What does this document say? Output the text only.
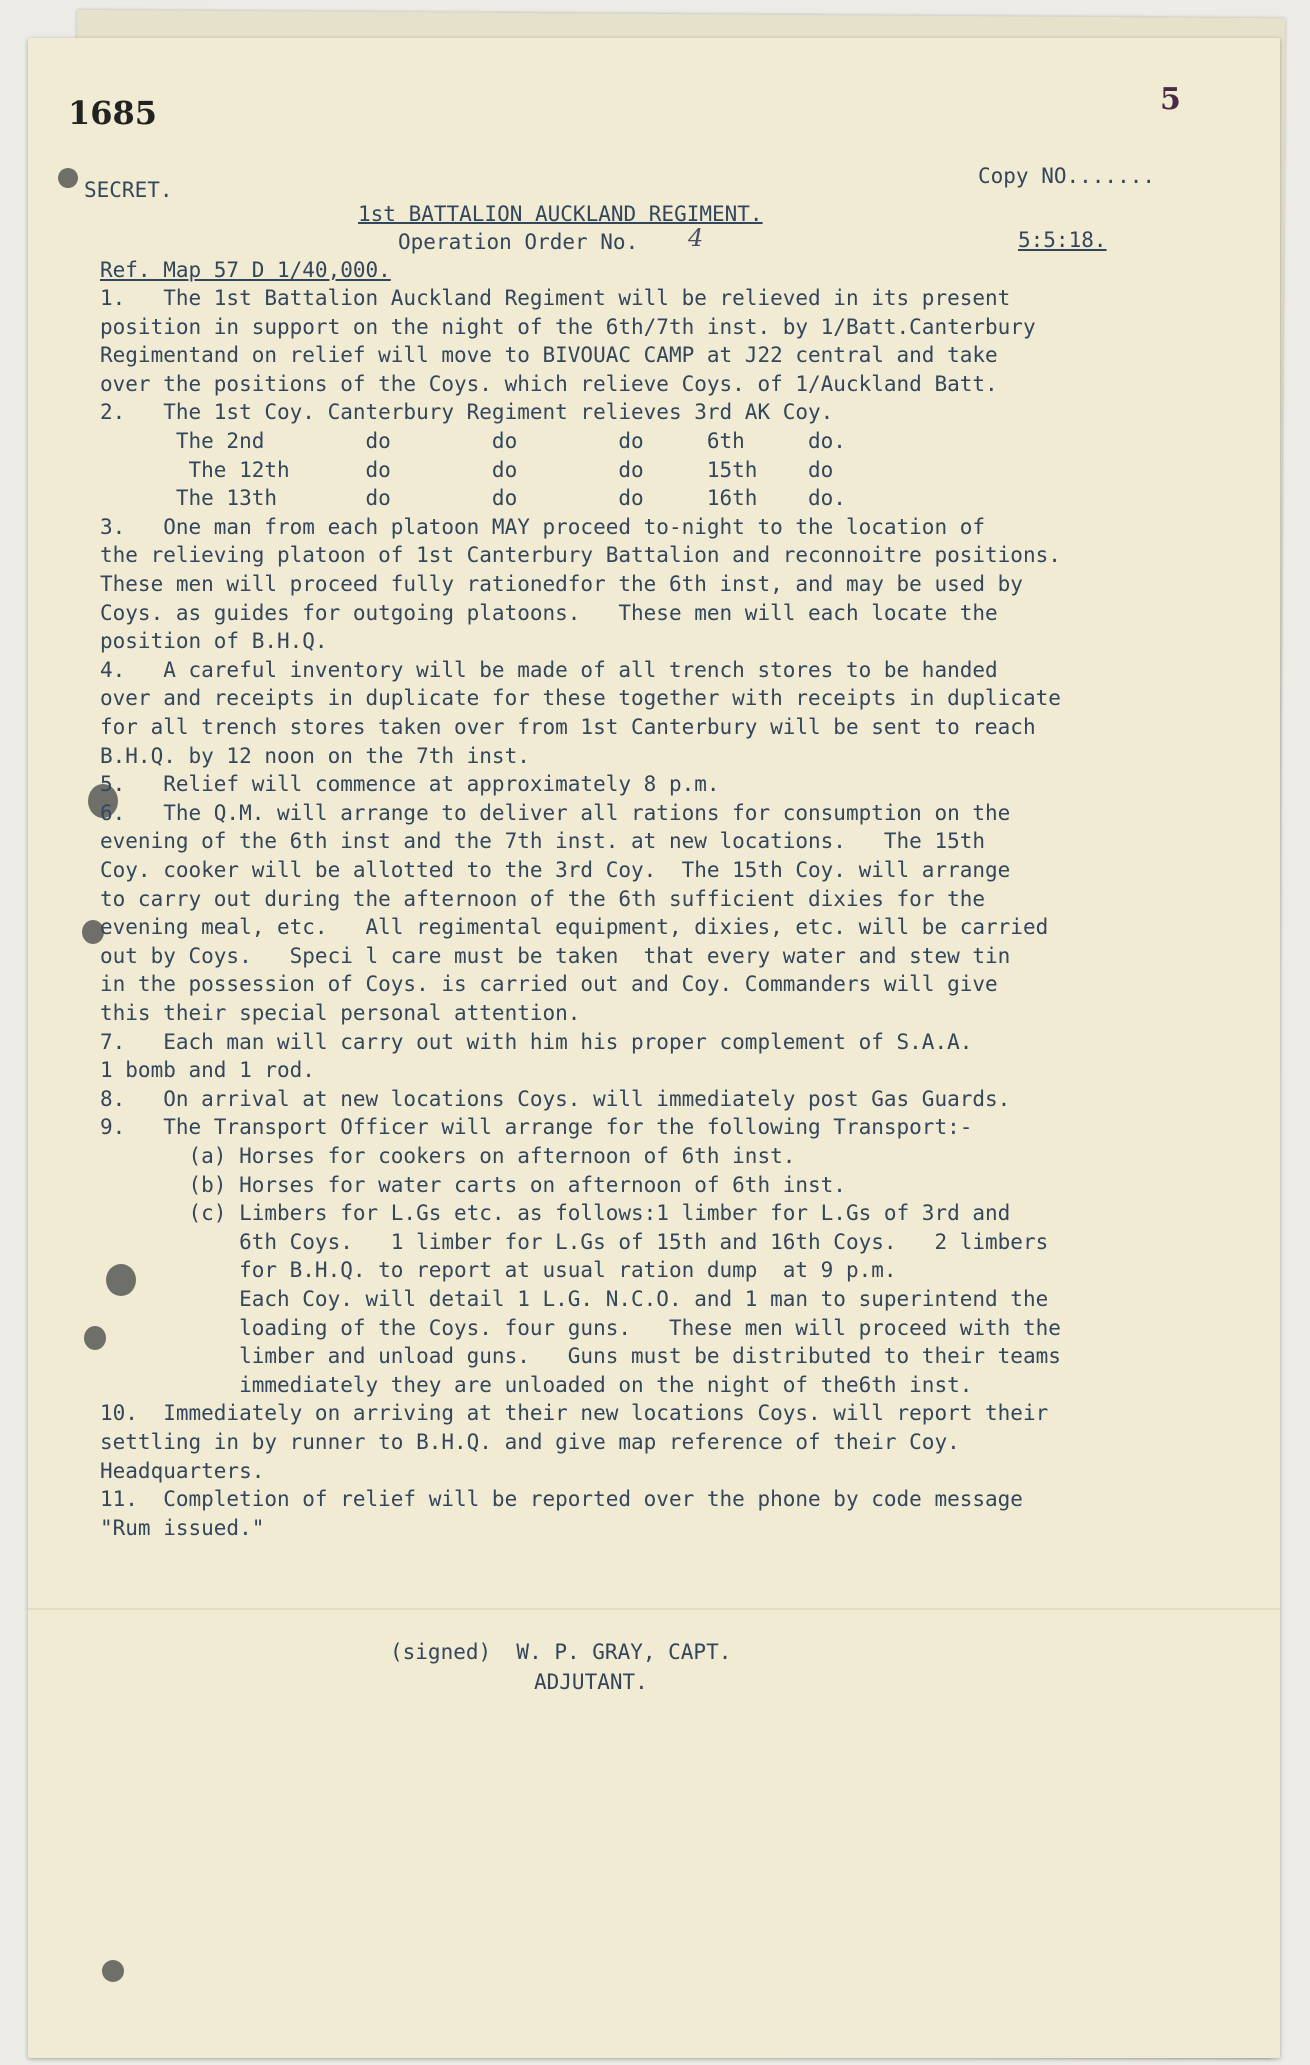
1685	5
SECRET.
Copy NO.......
1st BATTALION AUCKLAND REGIMENT.
Operation Order No. 4	5:5:18.
Ref. Map 57 D 1/40,000.
1.   The 1st Battalion Auckland Regiment will be relieved in its present
position in support on the night of the 6th/7th inst. by 1/Batt.Canterbury
Regimentand on relief will move to BIVOUAC CAMP at J22 central and take
over the positions of the Coys. which relieve Coys. of 1/Auckland Batt.
2.   The 1st Coy. Canterbury Regiment relieves 3rd AK Coy.
The 2nd        do        do        do     6th     do.
The 12th      do        do        do     15th    do
The 13th       do        do        do     16th    do.
3.   One man from each platoon MAY proceed to-night to the location of
the relieving platoon of 1st Canterbury Battalion and reconnoitre positions.
These men will proceed fully rationedfor the 6th inst, and may be used by
Coys. as guides for outgoing platoons.   These men will each locate the
position of B.H.Q.
4.   A careful inventory will be made of all trench stores to be handed
over and receipts in duplicate for these together with receipts in duplicate
for all trench stores taken over from 1st Canterbury will be sent to reach
B.H.Q. by 12 noon on the 7th inst.
5.   Relief will commence at approximately 8 p.m.
6.   The Q.M. will arrange to deliver all rations for consumption on the
evening of the 6th inst and the 7th inst. at new locations.   The 15th
Coy. cooker will be allotted to the 3rd Coy.  The 15th Coy. will arrange
to carry out during the afternoon of the 6th sufficient dixies for the
evening meal, etc.   All regimental equipment, dixies, etc. will be carried
out by Coys.   Speci l care must be taken  that every water and stew tin
in the possession of Coys. is carried out and Coy. Commanders will give
this their special personal attention.
7.   Each man will carry out with him his proper complement of S.A.A.
1 bomb and 1 rod.
8.   On arrival at new locations Coys. will immediately post Gas Guards.
9.   The Transport Officer will arrange for the following Transport:-
(a) Horses for cookers on afternoon of 6th inst.
(b) Horses for water carts on afternoon of 6th inst.
(c) Limbers for L.Gs etc. as follows:1 limber for L.Gs of 3rd and
6th Coys.   1 limber for L.Gs of 15th and 16th Coys.   2 limbers
for B.H.Q. to report at usual ration dump  at 9 p.m.
Each Coy. will detail 1 L.G. N.C.O. and 1 man to superintend the
loading of the Coys. four guns.   These men will proceed with the
limber and unload guns.   Guns must be distributed to their teams
immediately they are unloaded on the night of the6th inst.
10.  Immediately on arriving at their new locations Coys. will report their
settling in by runner to B.H.Q. and give map reference of their Coy.
Headquarters.
11.  Completion of relief will be reported over the phone by code message
"Rum issued."
(signed)  W. P. GRAY, CAPT.
ADJUTANT.
